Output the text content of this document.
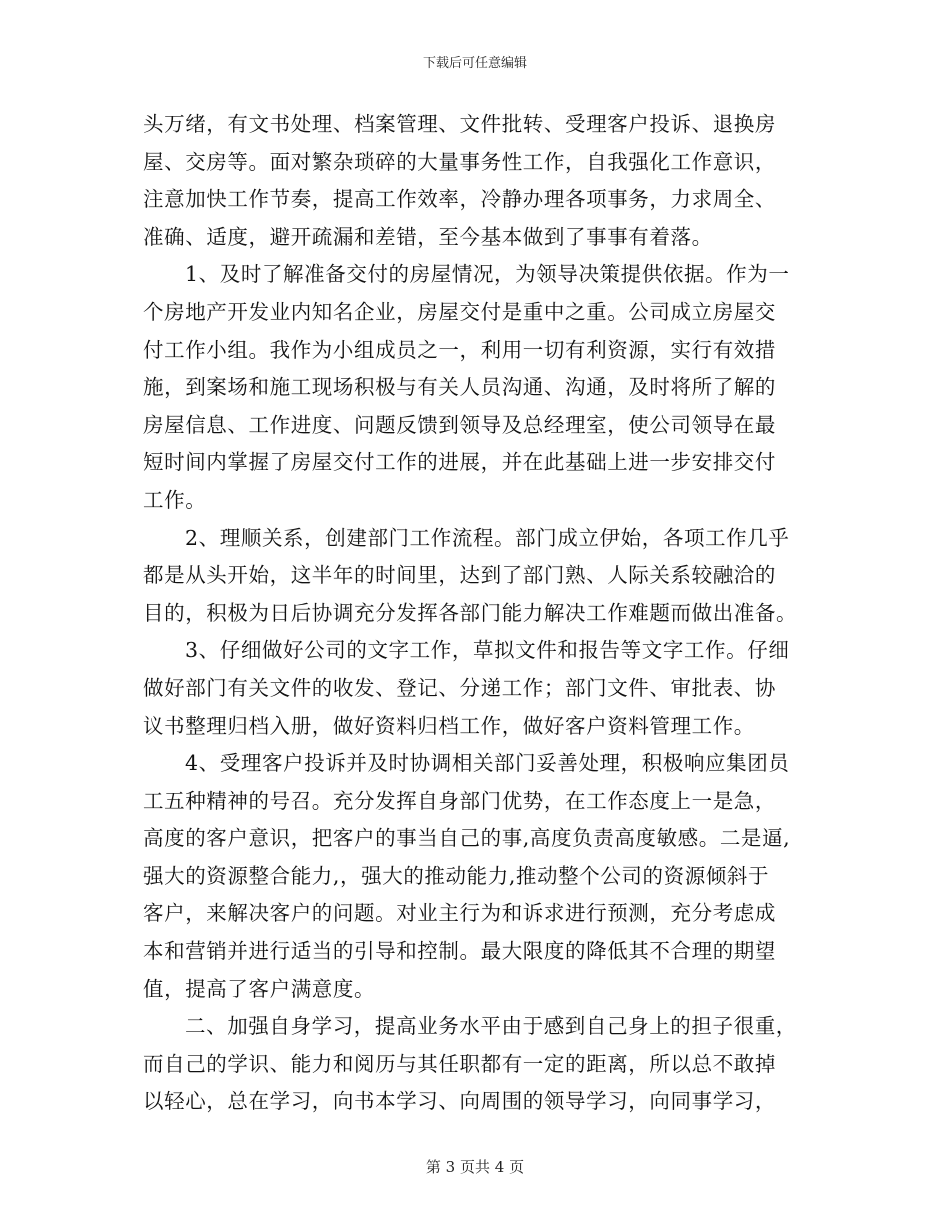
下载后可任意编辑
头万绪，有文书处理、档案管理、文件批转、受理客户投诉、退换房
屋、交房等。面对繁杂琐碎的大量事务性工作，自我强化工作意识，
注意加快工作节奏，提高工作效率，冷静办理各项事务，力求周全、
准确、适度，避开疏漏和差错，至今基本做到了事事有着落。
1、及时了解准备交付的房屋情况，为领导决策提供依据。作为一
个房地产开发业内知名企业，房屋交付是重中之重。公司成立房屋交
付工作小组。我作为小组成员之一，利用一切有利资源，实行有效措
施，到案场和施工现场积极与有关人员沟通、沟通，及时将所了解的
房屋信息、工作进度、问题反馈到领导及总经理室，使公司领导在最
短时间内掌握了房屋交付工作的进展，并在此基础上进一步安排交付
工作。
2、理顺关系，创建部门工作流程。部门成立伊始，各项工作几乎
都是从头开始，这半年的时间里，达到了部门熟、人际关系较融洽的
目的，积极为日后协调充分发挥各部门能力解决工作难题而做出准备。
3、仔细做好公司的文字工作，草拟文件和报告等文字工作。仔细
做好部门有关文件的收发、登记、分递工作；部门文件、审批表、协
议书整理归档入册，做好资料归档工作，做好客户资料管理工作。
4、受理客户投诉并及时协调相关部门妥善处理，积极响应集团员
工五种精神的号召。充分发挥自身部门优势，在工作态度上一是急，
高度的客户意识，把客户的事当自己的事,高度负责高度敏感。二是逼,
强大的资源整合能力,，强大的推动能力,推动整个公司的资源倾斜于
客户，来解决客户的问题。对业主行为和诉求进行预测，充分考虑成
本和营销并进行适当的引导和控制。最大限度的降低其不合理的期望
值，提高了客户满意度。
二、加强自身学习，提高业务水平由于感到自己身上的担子很重，
而自己的学识、能力和阅历与其任职都有一定的距离，所以总不敢掉
以轻心，总在学习，向书本学习、向周围的领导学习，向同事学习，
第 3 页共 4 页
